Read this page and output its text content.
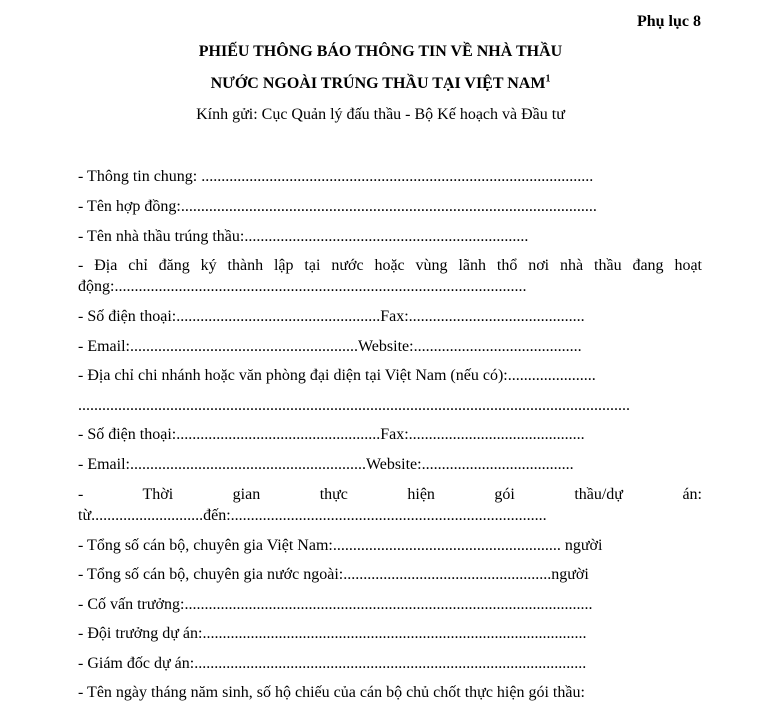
Phụ lục 8
PHIẾU THÔNG BÁO THÔNG TIN VỀ NHÀ THẦU
NƯỚC NGOÀI TRÚNG THẦU TẠI VIỆT NAM$^1$
Kính gửi: Cục Quản lý đấu thầu - Bộ Kế hoạch và Đầu tư
- Thông tin chung: ..................................................................................................
- Tên hợp đồng:........................................................................................................
- Tên nhà thầu trúng thầu:.......................................................................
- Địa chỉ đăng ký thành lập tại nước hoặc vùng lãnh thổ nơi nhà thầu đang hoạt
động:.......................................................................................................
- Số điện thoại:...................................................Fax:............................................
- Email:.........................................................Website:..........................................
- Địa chỉ chi nhánh hoặc văn phòng đại diện tại Việt Nam (nếu có):......................
..........................................................................................................................................
- Số điện thoại:...................................................Fax:............................................
- Email:...........................................................Website:......................................
-	Thời	gian	thực	hiện	gói	thầu/dự	án:
từ............................đến:...............................................................................
- Tổng số cán bộ, chuyên gia Việt Nam:......................................................... người
- Tổng số cán bộ, chuyên gia nước ngoài:....................................................người
- Cố vấn trưởng:......................................................................................................
- Đội trưởng dự án:................................................................................................
- Giám đốc dự án:..................................................................................................
- Tên ngày tháng năm sinh, số hộ chiếu của cán bộ chủ chốt thực hiện gói thầu:
